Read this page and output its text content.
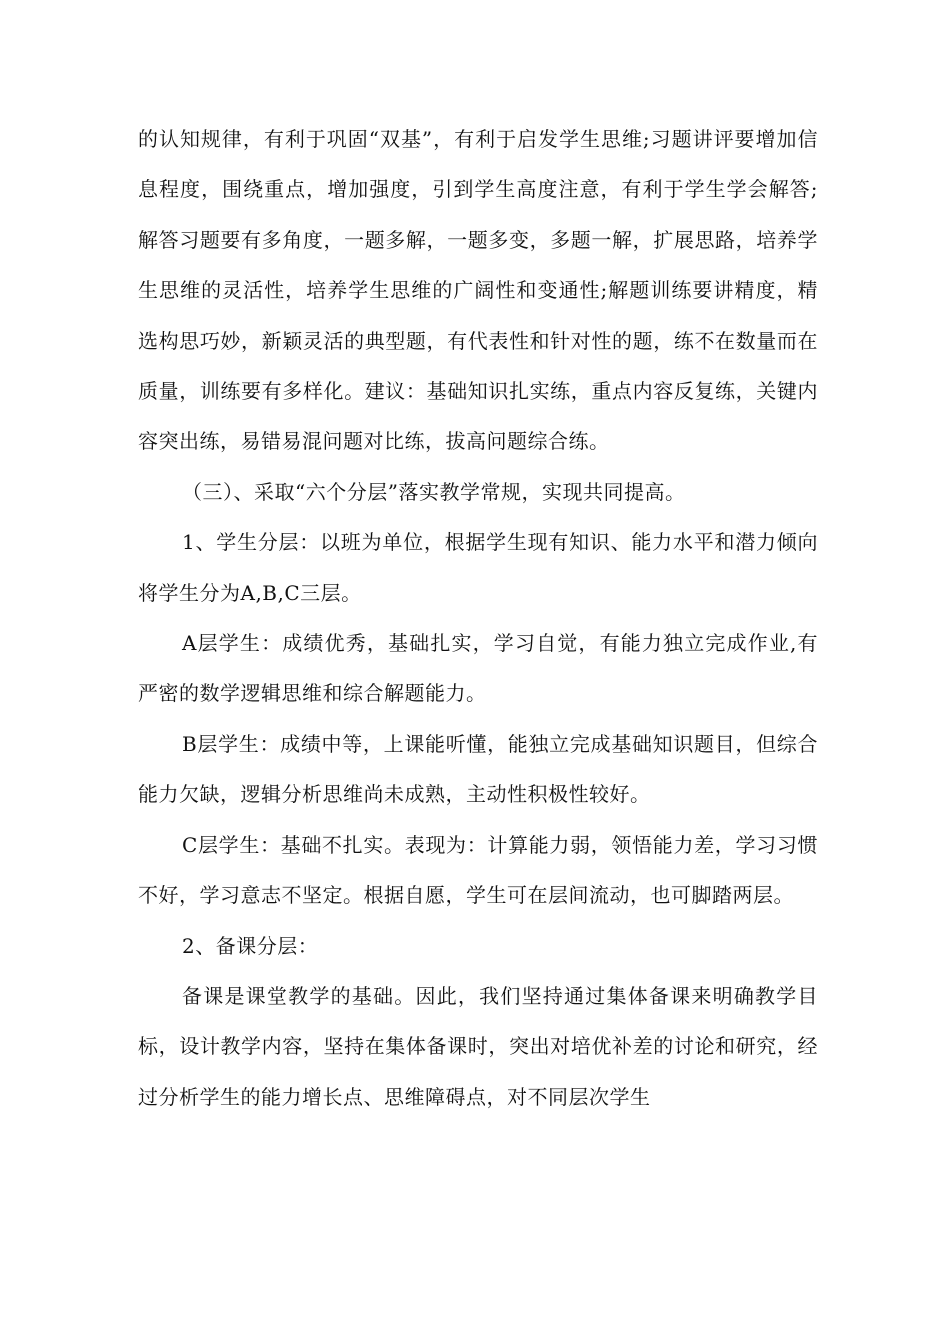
的认知规律，有利于巩固“双基”，有利于启发学生思维;习题讲评要增加信息程度，围绕重点，增加强度，引到学生高度注意，有利于学生学会解答;解答习题要有多角度，一题多解，一题多变，多题一解，扩展思路，培养学生思维的灵活性，培养学生思维的广阔性和变通性;解题训练要讲精度，精选构思巧妙，新颖灵活的典型题，有代表性和针对性的题，练不在数量而在质量，训练要有多样化。建议：基础知识扎实练，重点内容反复练，关键内容突出练，易错易混问题对比练，拔高问题综合练。

（三）、采取“六个分层”落实教学常规，实现共同提高。

1、学生分层：以班为单位，根据学生现有知识、能力水平和潜力倾向将学生分为A,B,C三层。

A层学生：成绩优秀，基础扎实，学习自觉，有能力独立完成作业,有严密的数学逻辑思维和综合解题能力。

B层学生：成绩中等，上课能听懂，能独立完成基础知识题目，但综合能力欠缺，逻辑分析思维尚未成熟，主动性积极性较好。

C层学生：基础不扎实。表现为：计算能力弱，领悟能力差，学习习惯不好，学习意志不坚定。根据自愿，学生可在层间流动，也可脚踏两层。

2、备课分层：

备课是课堂教学的基础。因此，我们坚持通过集体备课来明确教学目标，设计教学内容，坚持在集体备课时，突出对培优补差的讨论和研究，经过分析学生的能力增长点、思维障碍点，对不同层次学生
